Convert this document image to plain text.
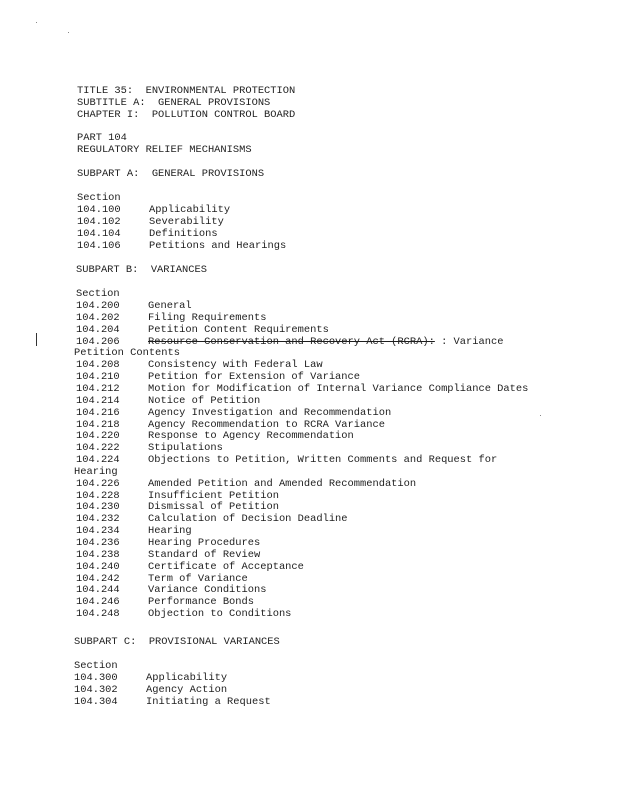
TITLE 35:  ENVIRONMENTAL PROTECTION
SUBTITLE A:  GENERAL PROVISIONS
CHAPTER I:  POLLUTION CONTROL BOARD
PART 104
REGULATORY RELIEF MECHANISMS
SUBPART A:  GENERAL PROVISIONS
Section
104.100	Applicability
104.102	Severability
104.104	Definitions
104.106	Petitions and Hearings
SUBPART B:  VARIANCES
Section
104.200	General
104.202	Filing Requirements
104.204	Petition Content Requirements
104.206	Resource Conservation and Recovery Act (RCRA): : Variance
Petition Contents
104.208	Consistency with Federal Law
104.210	Petition for Extension of Variance
104.212	Motion for Modification of Internal Variance Compliance Dates
104.214	Notice of Petition
104.216	Agency Investigation and Recommendation
104.218	Agency Recommendation to RCRA Variance
104.220	Response to Agency Recommendation
104.222	Stipulations
104.224	Objections to Petition, Written Comments and Request for
Hearing
104.226	Amended Petition and Amended Recommendation
104.228	Insufficient Petition
104.230	Dismissal of Petition
104.232	Calculation of Decision Deadline
104.234	Hearing
104.236	Hearing Procedures
104.238	Standard of Review
104.240	Certificate of Acceptance
104.242	Term of Variance
104.244	Variance Conditions
104.246	Performance Bonds
104.248	Objection to Conditions
SUBPART C:  PROVISIONAL VARIANCES
Section
104.300	Applicability
104.302	Agency Action
104.304	Initiating a Request
